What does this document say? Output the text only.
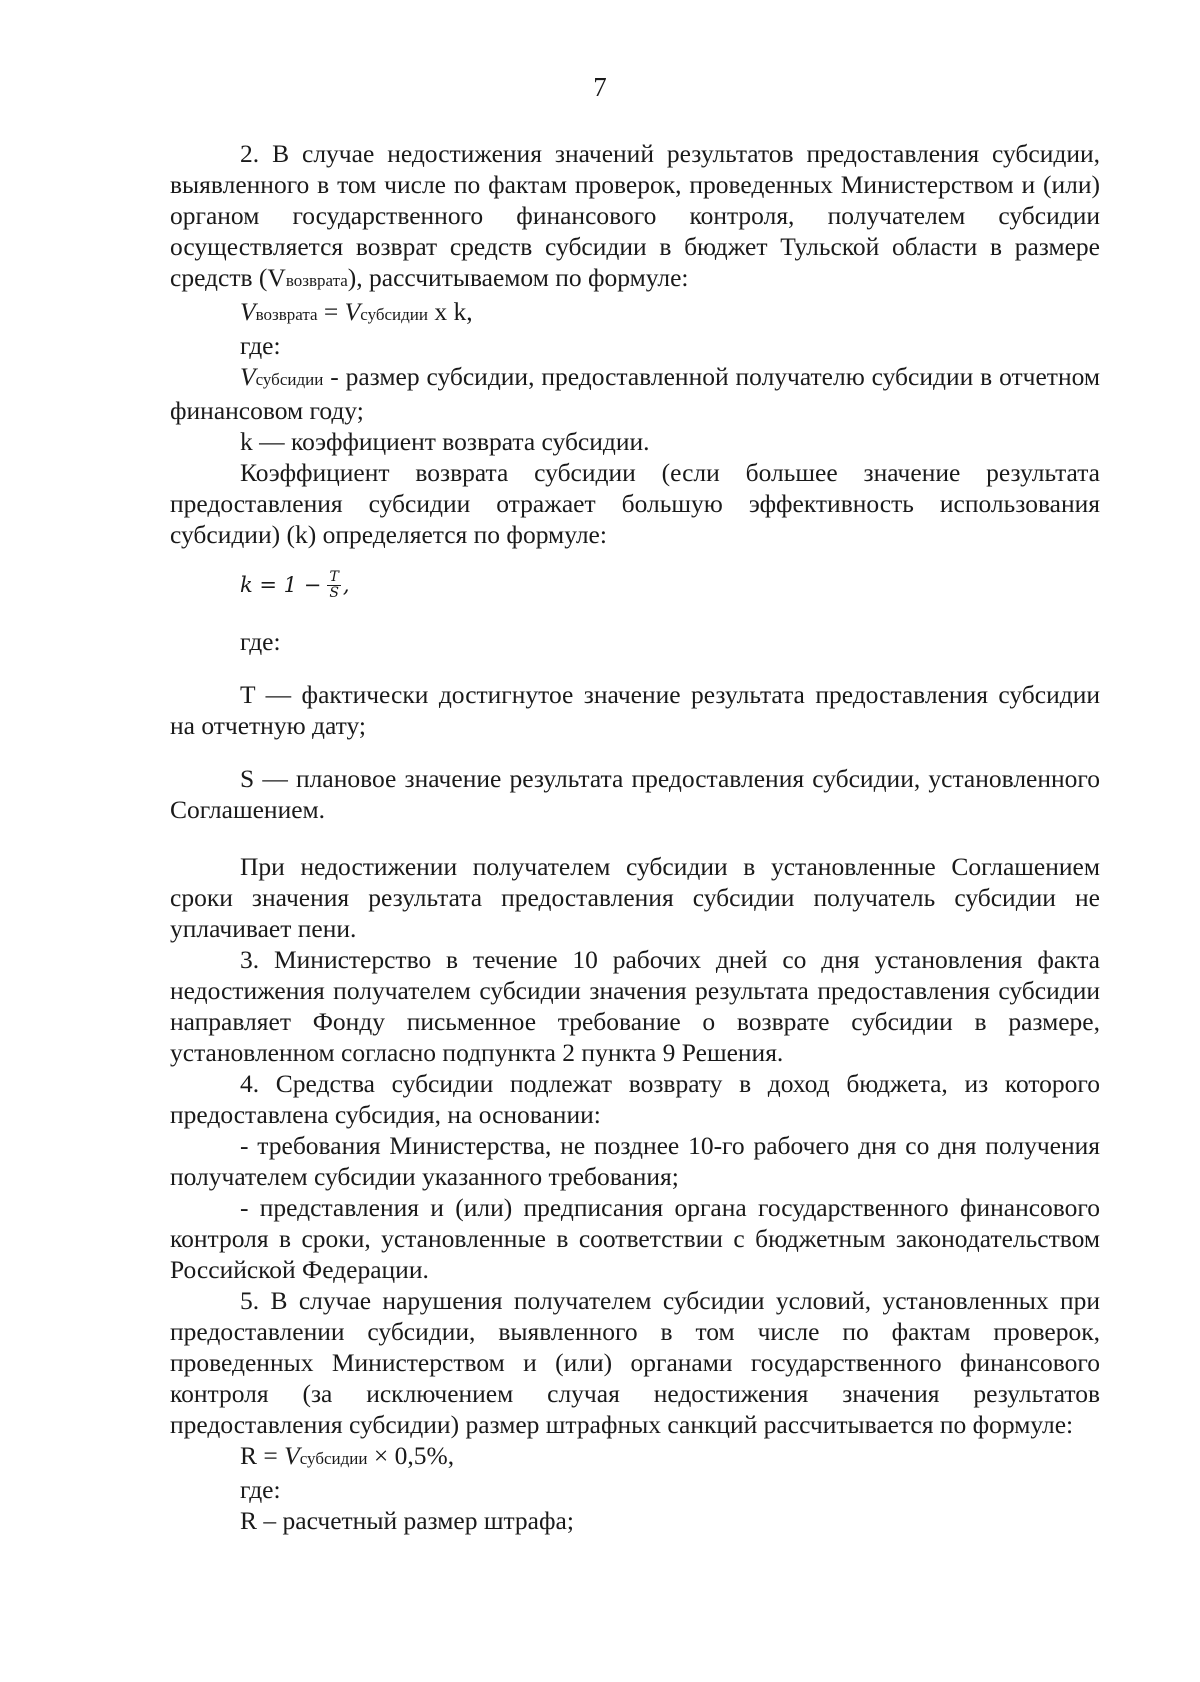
7

2. В случае недостижения значений результатов предоставления субсидии, выявленного в том числе по фактам проверок, проведенных Министерством и (или) органом государственного финансового контроля, получателем субсидии осуществляется возврат средств субсидии в бюджет Тульской области в размере средств (Vвозврата), рассчитываемом по формуле:

Vвозврата = Vсубсидии x k,

где:

Vсубсидии - размер субсидии, предоставленной получателю субсидии в отчетном финансовом году;

k — коэффициент возврата субсидии.

Коэффициент возврата субсидии (если большее значение результата предоставления субсидии отражает большую эффективность использования субсидии) (k) определяется по формуле:

$k = 1 - \frac{T}{S}$ ,

где:

T — фактически достигнутое значение результата предоставления субсидии на отчетную дату;

S — плановое значение результата предоставления субсидии, установленного Соглашением.

При недостижении получателем субсидии в установленные Соглашением сроки значения результата предоставления субсидии получатель субсидии не уплачивает пени.

3. Министерство в течение 10 рабочих дней со дня установления факта недостижения получателем субсидии значения результата предоставления субсидии направляет Фонду письменное требование о возврате субсидии в размере, установленном согласно подпункта 2 пункта 9 Решения.

4. Средства субсидии подлежат возврату в доход бюджета, из которого предоставлена субсидия, на основании:

- требования Министерства, не позднее 10-го рабочего дня со дня получения получателем субсидии указанного требования;

- представления и (или) предписания органа государственного финансового контроля в сроки, установленные в соответствии с бюджетным законодательством Российской Федерации.

5. В случае нарушения получателем субсидии условий, установленных при предоставлении субсидии, выявленного в том числе по фактам проверок, проведенных Министерством и (или) органами государственного финансового контроля (за исключением случая недостижения значения результатов предоставления субсидии) размер штрафных санкций рассчитывается по формуле:

R = Vсубсидии × 0,5%,

где:

R – расчетный размер штрафа;
